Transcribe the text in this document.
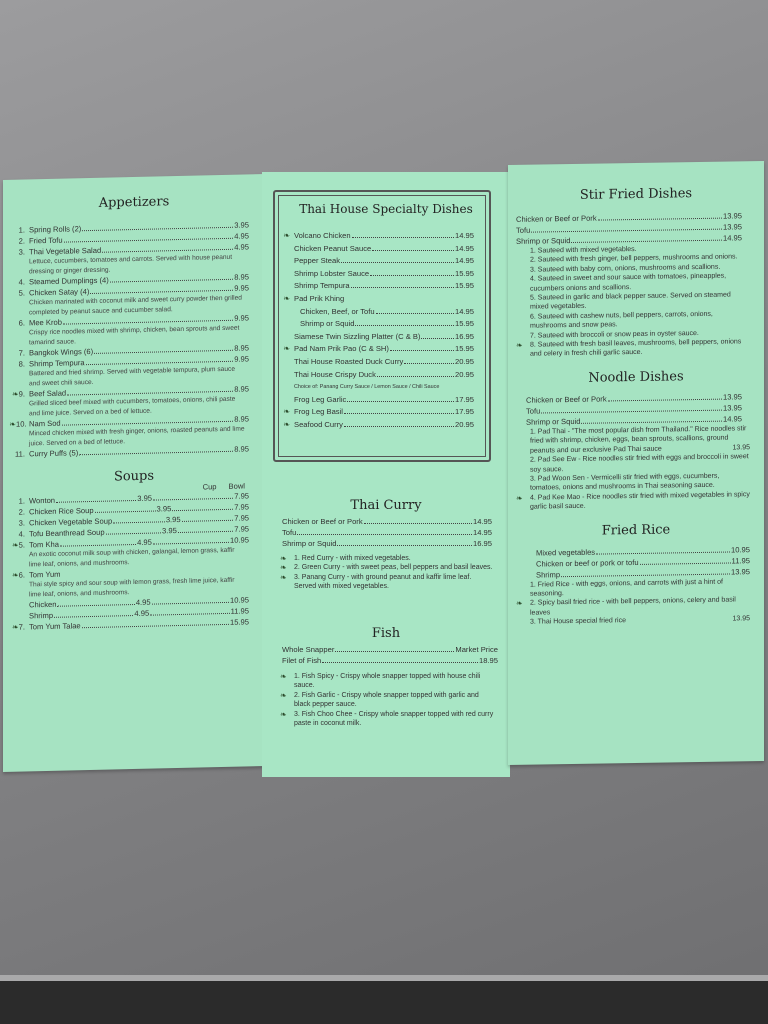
Appetizers
1. Spring Rolls (2)	3.95
2. Fried Tofu	4.95
3. Thai Vegetable Salad	4.95
Lettuce, cucumbers, tomatoes and carrots. Served with house peanut dressing or ginger dressing.
4. Steamed Dumplings (4)	8.95
5. Chicken Satay (4)	9.95
Chicken marinated with coconut milk and sweet curry powder then grilled completed by peanut sauce and cucumber salad.
6. Mee Krob	9.95
Crispy rice noodles mixed with shrimp, chicken, bean sprouts and sweet tamarind sauce.
7. Bangkok Wings (6)	8.95
8. Shrimp Tempura	9.95
Battered and fried shrimp. Served with vegetable tempura, plum sauce and sweet chili sauce.
❧9. Beef Salad	8.95
Grilled sliced beef mixed with cucumbers, tomatoes, onions, chili paste and lime juice. Served on a bed of lettuce.
❧10. Nam Sod	8.95
Minced chicken mixed with fresh ginger, onions, roasted peanuts and lime juice. Served on a bed of lettuce.
11. Curry Puffs (5)	8.95
Soups
Cup Bowl
1. Wonton	3.95	7.95
2. Chicken Rice Soup	3.95	7.95
3. Chicken Vegetable Soup	3.95	7.95
4. Tofu Beanthread Soup	3.95	7.95
❧5. Tom Kha	4.95	10.95
An exotic coconut milk soup with chicken, galangal, lemon grass, kaffir lime leaf, onions, and mushrooms.
❧6. Tom Yum
Thai style spicy and sour soup with lemon grass, fresh lime juice, kaffir lime leaf, onions, and mushrooms.
Chicken	4.95	10.95
Shrimp	4.95	11.95
❧7. Tom Yum Talae	15.95
Thai House Specialty Dishes
❧ Volcano Chicken	14.95
Chicken Peanut Sauce	14.95
Pepper Steak	14.95
Shrimp Lobster Sauce	15.95
Shrimp Tempura	15.95
❧ Pad Prik Khing
Chicken, Beef, or Tofu	14.95
Shrimp or Squid	15.95
Siamese Twin Sizzling Platter (C & B)	16.95
❧ Pad Nam Prik Pao (C & SH)	15.95
Thai House Roasted Duck Curry	20.95
Thai House Crispy Duck	20.95
Choice of: Panang Curry Sauce / Lemon Sauce / Chili Sauce
Frog Leg Garlic	17.95
❧ Frog Leg Basil	17.95
❧ Seafood Curry	20.95
Thai Curry
Chicken or Beef or Pork	14.95
Tofu	14.95
Shrimp or Squid	16.95
❧	1. Red Curry - with mixed vegetables.
❧	2. Green Curry - with sweet peas, bell peppers and basil leaves.
❧	3. Panang Curry - with ground peanut and kaffir lime leaf. Served with mixed vegetables.
Fish
Whole Snapper	Market Price
Filet of Fish	18.95
❧	1. Fish Spicy - Crispy whole snapper topped with house chili sauce.
❧	2. Fish Garlic - Crispy whole snapper topped with garlic and black pepper sauce.
❧	3. Fish Choo Chee - Crispy whole snapper topped with red curry paste in coconut milk.
Stir Fried Dishes
Chicken or Beef or Pork	13.95
Tofu	13.95
Shrimp or Squid	14.95
1. Sauteed with mixed vegetables.
2. Sauteed with fresh ginger, bell peppers, mushrooms and onions.
3. Sauteed with baby corn, onions, mushrooms and scallions.
4. Sauteed in sweet and sour sauce with tomatoes, pineapples, cucumbers onions and scallions.
5. Sauteed in garlic and black pepper sauce. Served on steamed mixed vegetables.
6. Sauteed with cashew nuts, bell peppers, carrots, onions, mushrooms and snow peas.
7. Sauteed with broccoli or snow peas in oyster sauce.
❧	8. Sauteed with fresh basil leaves, mushrooms, bell peppers, onions and celery in fresh chili garlic sauce.
Noodle Dishes
Chicken or Beef or Pork	13.95
Tofu	13.95
Shrimp or Squid	14.95
1. Pad Thai - "The most popular dish from Thailand." Rice noodles stir fried with shrimp, chicken, eggs, bean sprouts, scallions, ground peanuts and our exclusive Pad Thai sauce	13.95
2. Pad See Ew - Rice noodles stir fried with eggs and broccoli in sweet soy sauce.
3. Pad Woon Sen - Vermicelli stir fried with eggs, cucumbers, tomatoes, onions and mushrooms in Thai seasoning sauce.
❧	4. Pad Kee Mao - Rice noodles stir fried with mixed vegetables in spicy garlic basil sauce.
Fried Rice
Mixed vegetables	10.95
Chicken or beef or pork or tofu	11.95
Shrimp	13.95
1. Fried Rice - with eggs, onions, and carrots with just a hint of seasoning.
❧	2. Spicy basil fried rice - with bell peppers, onions, celery and basil leaves
3. Thai House special fried rice	13.95
